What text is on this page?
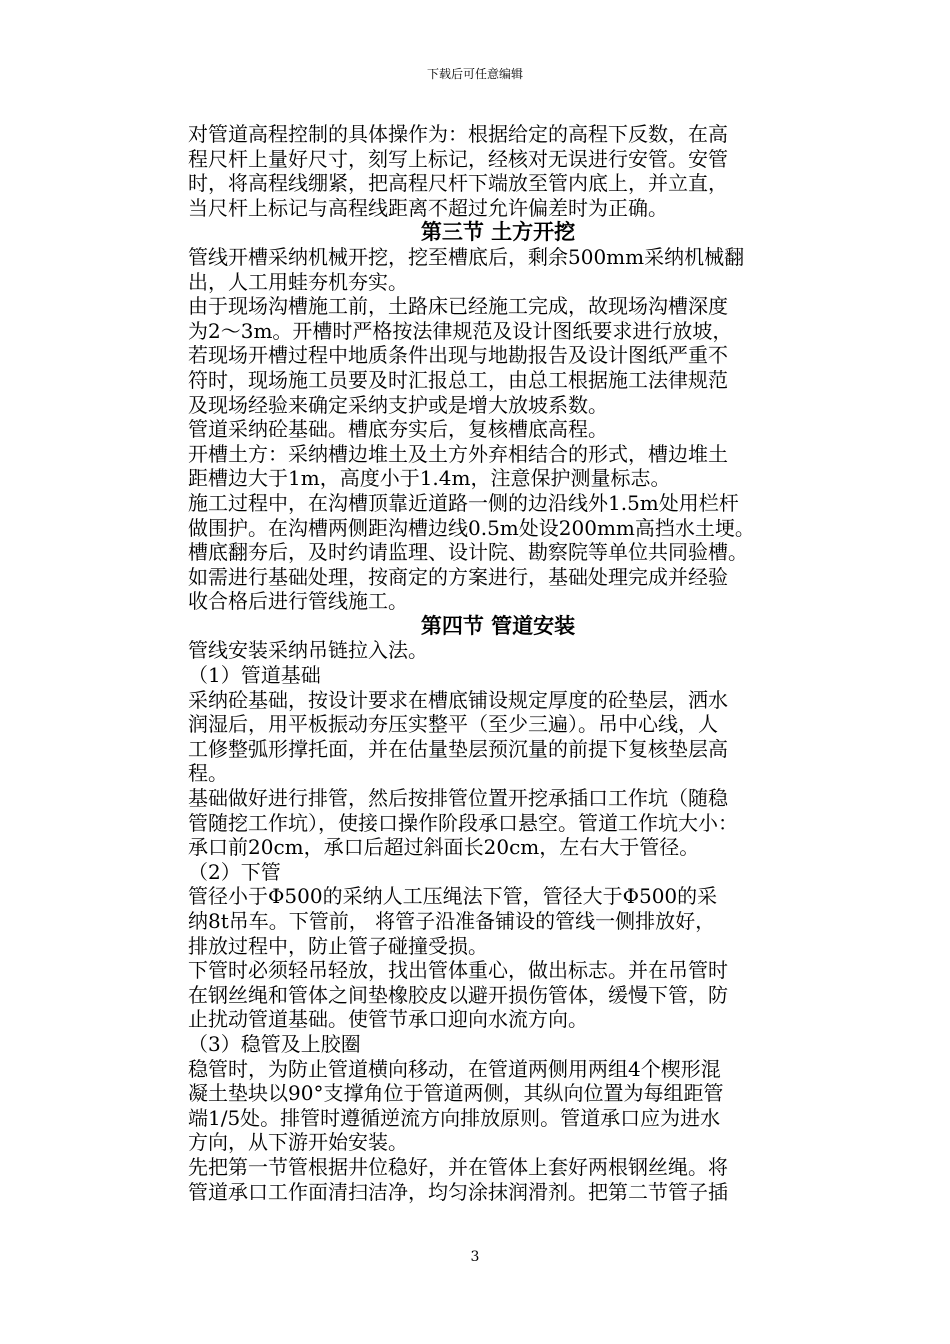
下载后可任意编辑
对管道高程控制的具体操作为：根据给定的高程下反数，在高
程尺杆上量好尺寸，刻写上标记，经核对无误进行安管。安管
时，将高程线绷紧，把高程尺杆下端放至管内底上，并立直，
当尺杆上标记与高程线距离不超过允许偏差时为正确。
第三节 土方开挖
管线开槽采纳机械开挖，挖至槽底后，剩余500mm采纳机械翻
出，人工用蛙夯机夯实。
由于现场沟槽施工前，土路床已经施工完成，故现场沟槽深度
为2～3m。开槽时严格按法律规范及设计图纸要求进行放坡，
若现场开槽过程中地质条件出现与地勘报告及设计图纸严重不
符时，现场施工员要及时汇报总工，由总工根据施工法律规范
及现场经验来确定采纳支护或是增大放坡系数。
管道采纳砼基础。槽底夯实后，复核槽底高程。
开槽土方：采纳槽边堆土及土方外弃相结合的形式，槽边堆土
距槽边大于1m，高度小于1.4m，注意保护测量标志。
施工过程中，在沟槽顶靠近道路一侧的边沿线外1.5m处用栏杆
做围护。在沟槽两侧距沟槽边线0.5m处设200mm高挡水土埂。
槽底翻夯后，及时约请监理、设计院、勘察院等单位共同验槽。
如需进行基础处理，按商定的方案进行，基础处理完成并经验
收合格后进行管线施工。
第四节 管道安装
管线安装采纳吊链拉入法。
（1）管道基础
采纳砼基础，按设计要求在槽底铺设规定厚度的砼垫层，洒水
润湿后，用平板振动夯压实整平（至少三遍）。吊中心线，人
工修整弧形撑托面，并在估量垫层预沉量的前提下复核垫层高
程。
基础做好进行排管，然后按排管位置开挖承插口工作坑（随稳
管随挖工作坑），使接口操作阶段承口悬空。管道工作坑大小：
承口前20cm，承口后超过斜面长20cm，左右大于管径。
（2）下管
管径小于Φ500的采纳人工压绳法下管，管径大于Φ500的采
纳8t吊车。下管前， 将管子沿准备铺设的管线一侧排放好，
排放过程中，防止管子碰撞受损。
下管时必须轻吊轻放，找出管体重心，做出标志。并在吊管时
在钢丝绳和管体之间垫橡胶皮以避开损伤管体，缓慢下管，防
止扰动管道基础。使管节承口迎向水流方向。
（3）稳管及上胶圈
稳管时，为防止管道横向移动，在管道两侧用两组4个楔形混
凝土垫块以90°支撑角位于管道两侧，其纵向位置为每组距管
端1/5处。排管时遵循逆流方向排放原则。管道承口应为进水
方向，从下游开始安装。
先把第一节管根据井位稳好，并在管体上套好两根钢丝绳。将
管道承口工作面清扫洁净，均匀涂抹润滑剂。把第二节管子插
3
